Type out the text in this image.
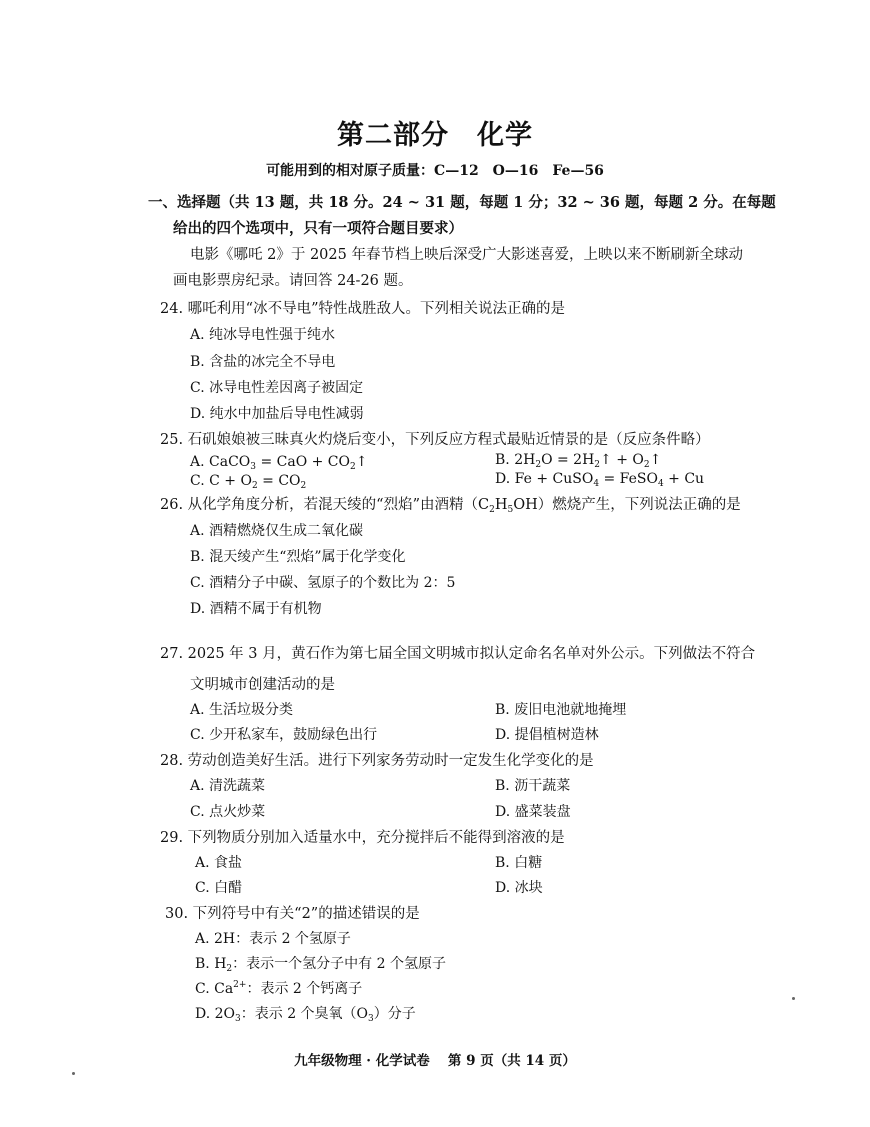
第二部分　化学
可能用到的相对原子质量：C—12　O—16　Fe—56
一、选择题（共 13 题，共 18 分。24 ~ 31 题，每题 1 分；32 ~ 36 题，每题 2 分。在每题
给出的四个选项中，只有一项符合题目要求）
电影《哪吒 2》于 2025 年春节档上映后深受广大影迷喜爱，上映以来不断刷新全球动
画电影票房纪录。请回答 24-26 题。
24. 哪吒利用“冰不导电”特性战胜敌人。下列相关说法正确的是
A. 纯冰导电性强于纯水
B. 含盐的冰完全不导电
C. 冰导电性差因离子被固定
D. 纯水中加盐后导电性减弱
25. 石矶娘娘被三昧真火灼烧后变小，下列反应方程式最贴近情景的是（反应条件略）
A. CaCO$_3$ = CaO + $CO_2↑$	B. $2H_2O$ = $2H_2↑$ + $O_2↑$
C. $C + O_2 = CO_2$	D. Fe + CuSO$_4$ = FeSO$_4$ + Cu
26. 从化学角度分析，若混天绫的“烈焰”由酒精$(C_2H_5OH)$燃烧产生，下列说法正确的是
A. 酒精燃烧仅生成二氧化碳
B. 混天绫产生“烈焰”属于化学变化
C. 酒精分子中碳、氢原子的个数比为 2：5
D. 酒精不属于有机物
27. 2025 年 3 月，黄石作为第七届全国文明城市拟认定命名名单对外公示。下列做法不符合
文明城市创建活动的是
A. 生活垃圾分类	B. 废旧电池就地掩埋
C. 少开私家车，鼓励绿色出行	D. 提倡植树造林
28. 劳动创造美好生活。进行下列家务劳动时一定发生化学变化的是
A. 清洗蔬菜	B. 沥干蔬菜
C. 点火炒菜	D. 盛菜装盘
29. 下列物质分别加入适量水中，充分搅拌后不能得到溶液的是
A. 食盐	B. 白糖
C. 白醋	D. 冰块
30. 下列符号中有关“2”的描述错误的是
A. 2H：表示 2 个氢原子
B. $H_2$：表示一个氢分子中有 2 个氢原子
C. $Ca^{2+}$：表示 2 个钙离子
D. $2O_3$：表示 2 个臭氧$(O_3)$分子
九年级物理 · 化学试卷　 第 9 页（共 14 页）
